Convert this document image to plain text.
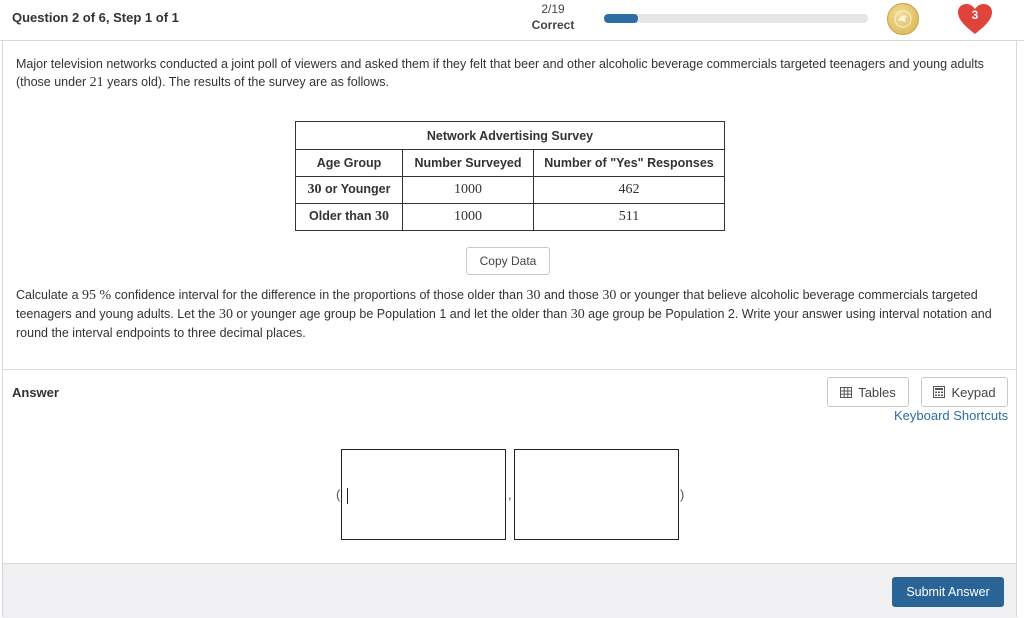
Question 2 of 6, Step 1 of 1
2/19
Correct
3
Major television networks conducted a joint poll of viewers and asked them if they felt that beer and other alcoholic beverage commercials targeted teenagers and young adults (those under 21 years old). The results of the survey are as follows.
Network Advertising Survey		
Age Group	Number Surveyed	Number of "Yes" Responses
30 or Younger	1000	462
Older than 30	1000	511
Copy Data
Calculate a 95 % confidence interval for the difference in the proportions of those older than 30 and those 30 or younger that believe alcoholic beverage commercials targeted teenagers and young adults. Let the 30 or younger age group be Population 1 and let the older than 30 age group be Population 2. Write your answer using interval notation and round the interval endpoints to three decimal places.
Answer	Tables	Keypad
Keyboard Shortcuts
(	,	)
Submit Answer
